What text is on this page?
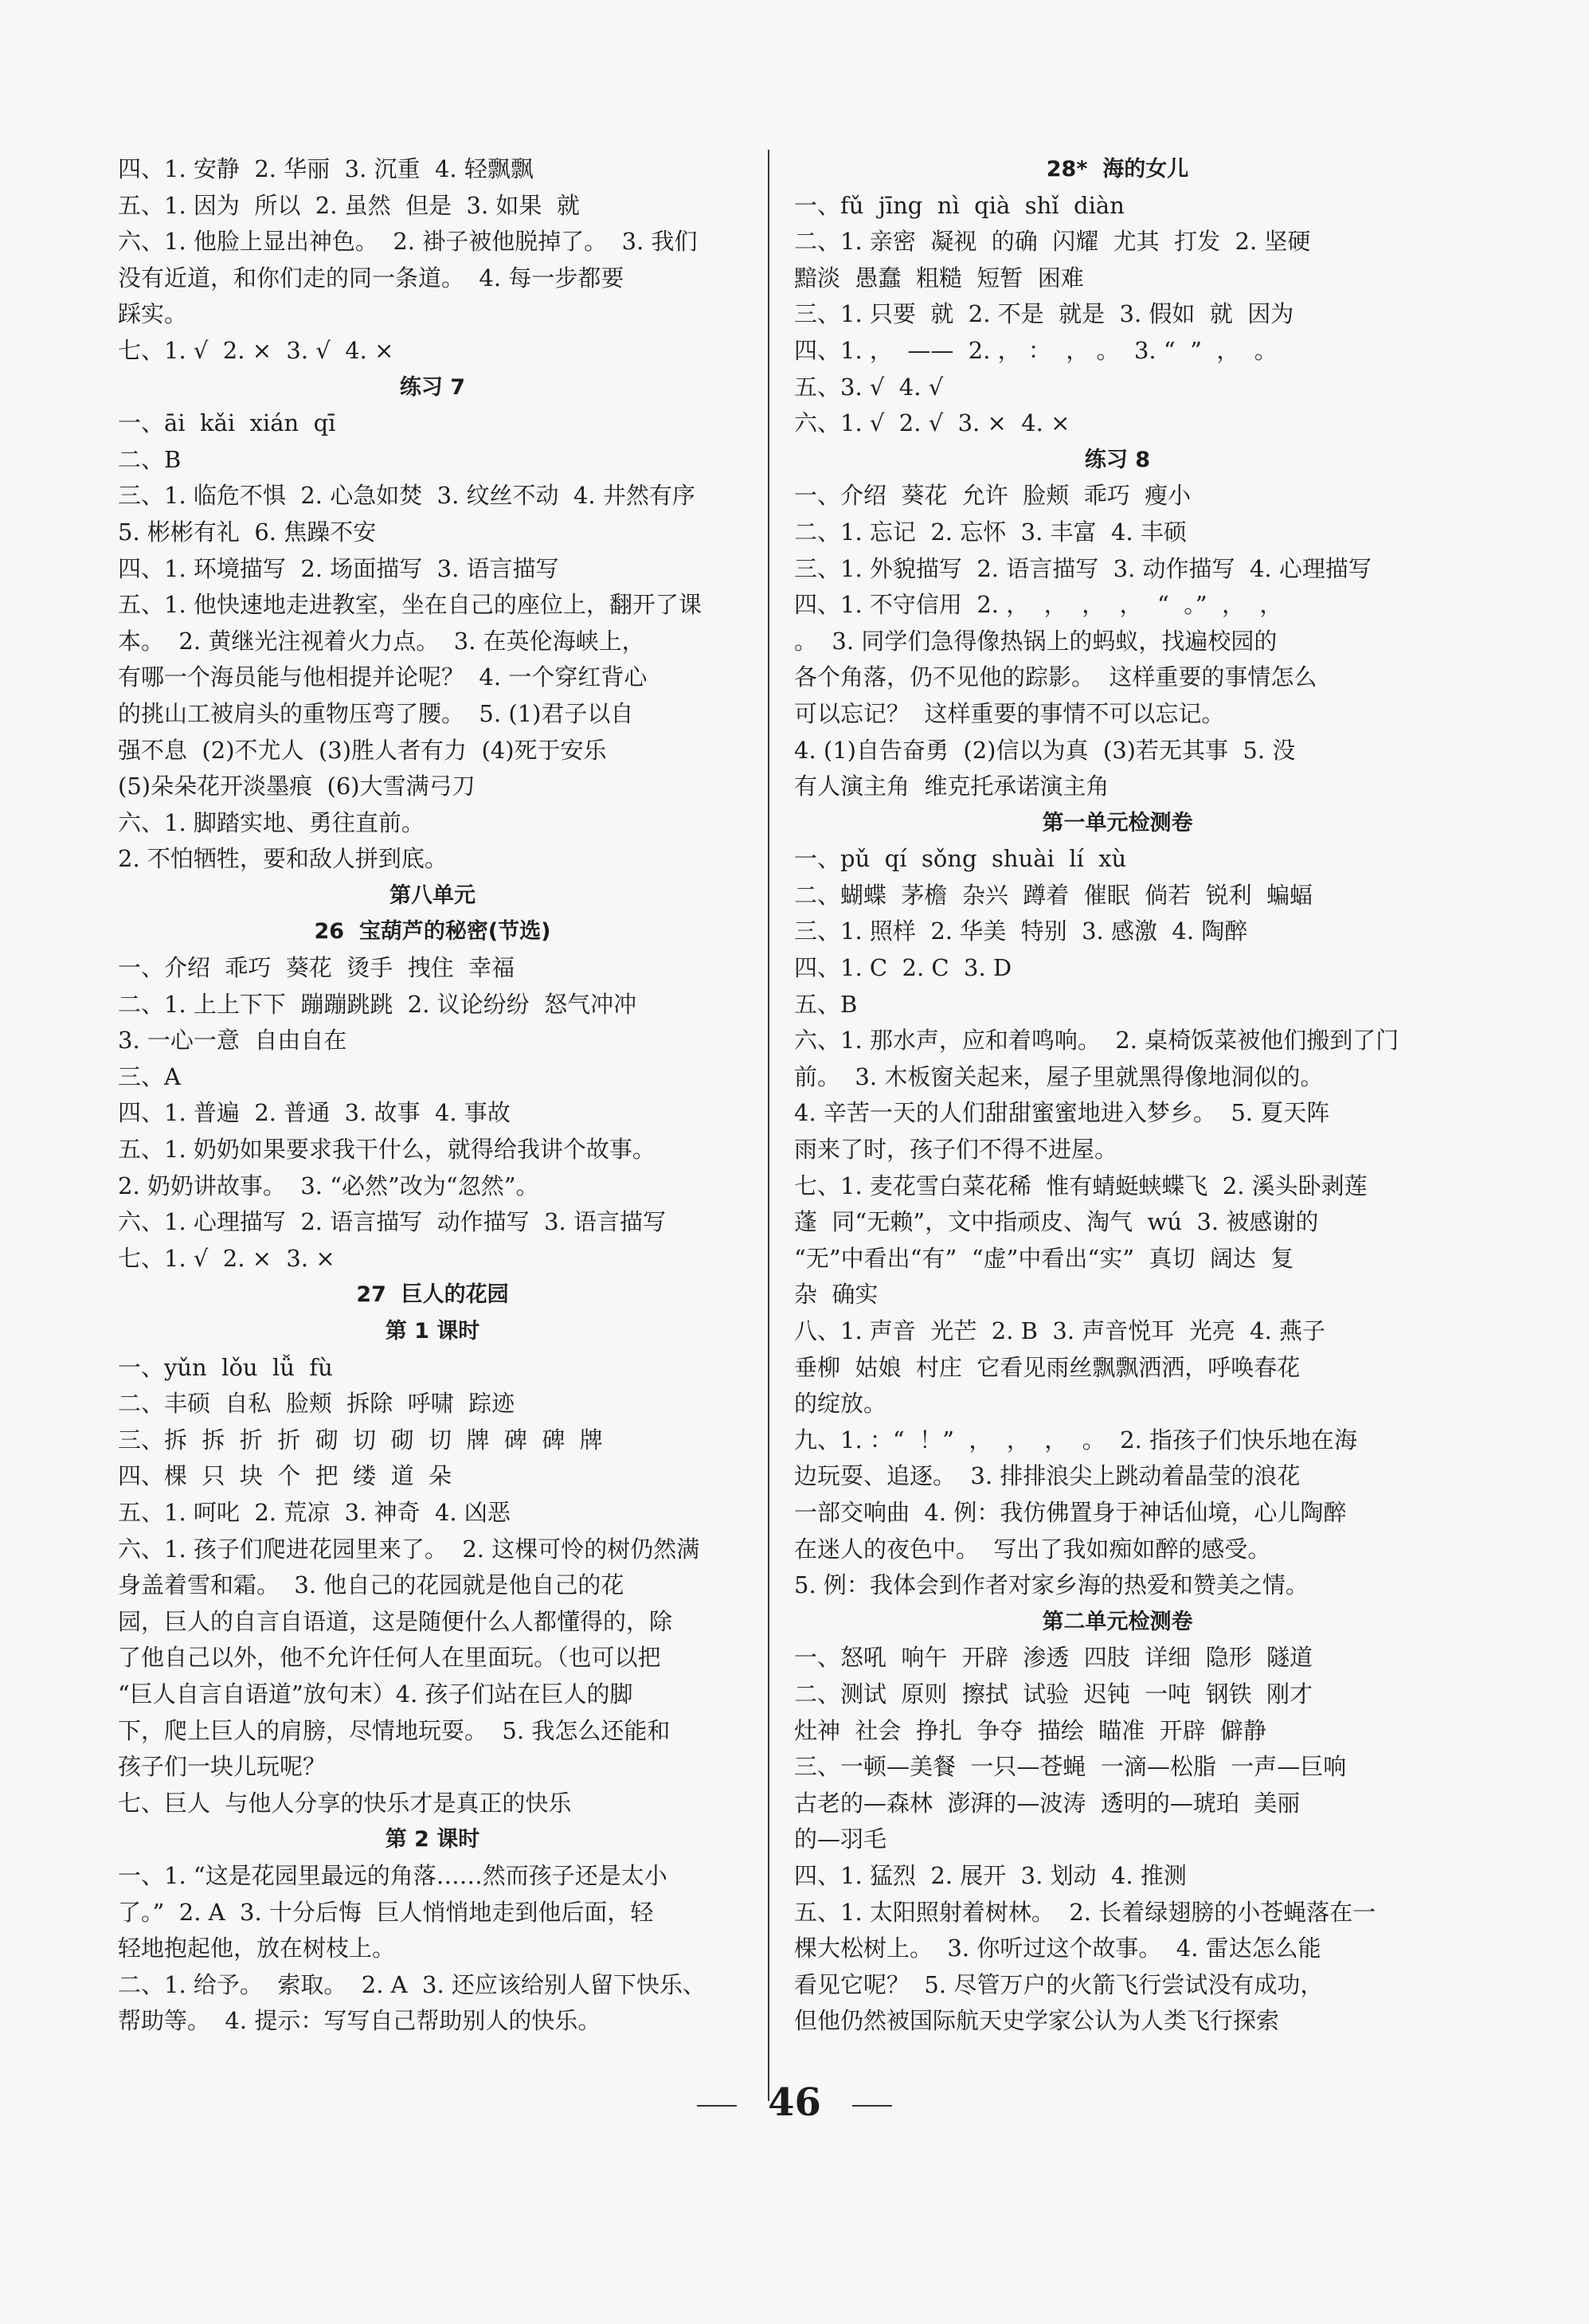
四、1. 安静  2. 华丽  3. 沉重  4. 轻飘飘
五、1. 因为  所以  2. 虽然  但是  3. 如果  就
六、1. 他脸上显出神色。  2. 褂子被他脱掉了。  3. 我们
没有近道，和你们走的同一条道。  4. 每一步都要
踩实。
七、1. √  2. ×  3. √  4. ×
练习 7
一、āi  kǎi  xián  qī
二、B
三、1. 临危不惧  2. 心急如焚  3. 纹丝不动  4. 井然有序
5. 彬彬有礼  6. 焦躁不安
四、1. 环境描写  2. 场面描写  3. 语言描写
五、1. 他快速地走进教室，坐在自己的座位上，翻开了课
本。  2. 黄继光注视着火力点。  3. 在英伦海峡上，
有哪一个海员能与他相提并论呢？  4. 一个穿红背心
的挑山工被肩头的重物压弯了腰。  5. (1)君子以自
强不息  (2)不尤人  (3)胜人者有力  (4)死于安乐
(5)朵朵花开淡墨痕  (6)大雪满弓刀
六、1. 脚踏实地、勇往直前。
2. 不怕牺牲，要和敌人拼到底。
第八单元
26  宝葫芦的秘密(节选)
一、介绍  乖巧  葵花  烫手  拽住  幸福
二、1. 上上下下  蹦蹦跳跳  2. 议论纷纷  怒气冲冲
3. 一心一意  自由自在
三、A
四、1. 普遍  2. 普通  3. 故事  4. 事故
五、1. 奶奶如果要求我干什么，就得给我讲个故事。
2. 奶奶讲故事。  3. “必然”改为“忽然”。
六、1. 心理描写  2. 语言描写  动作描写  3. 语言描写
七、1. √  2. ×  3. ×
27  巨人的花园
第 1 课时
一、yǔn  lǒu  lǚ  fù
二、丰硕  自私  脸颊  拆除  呼啸  踪迹
三、拆  拆  折  折  砌  切  砌  切  牌  碑  碑  牌
四、棵  只  块  个  把  缕  道  朵
五、1. 呵叱  2. 荒凉  3. 神奇  4. 凶恶
六、1. 孩子们爬进花园里来了。  2. 这棵可怜的树仍然满
身盖着雪和霜。  3. 他自己的花园就是他自己的花
园，巨人的自言自语道，这是随便什么人都懂得的，除
了他自己以外，他不允许任何人在里面玩。（也可以把
“巨人自言自语道”放句末）4. 孩子们站在巨人的脚
下，爬上巨人的肩膀，尽情地玩耍。  5. 我怎么还能和
孩子们一块儿玩呢？
七、巨人  与他人分享的快乐才是真正的快乐
第 2 课时
一、1. “这是花园里最远的角落……然而孩子还是太小
了。”  2. A  3. 十分后悔  巨人悄悄地走到他后面，轻
轻地抱起他，放在树枝上。
二、1. 给予。  索取。  2. A  3. 还应该给别人留下快乐、
帮助等。  4. 提示：写写自己帮助别人的快乐。
28*  海的女儿
一、fǔ  jīng  nì  qià  shǐ  diàn
二、1. 亲密  凝视  的确  闪耀  尤其  打发  2. 坚硬
黯淡  愚蠢  粗糙  短暂  困难
三、1. 只要  就  2. 不是  就是  3. 假如  就  因为
四、1. ，  ——  2. ， ：  ， 。  3. “  ”  ，  。
五、3. √  4. √
六、1. √  2. √  3. ×  4. ×
练习 8
一、介绍  葵花  允许  脸颊  乖巧  瘦小
二、1. 忘记  2. 忘怀  3. 丰富  4. 丰硕
三、1. 外貌描写  2. 语言描写  3. 动作描写  4. 心理描写
四、1. 不守信用  2. ，  ，  ，  ，  “  。”  ，  ，
。  3. 同学们急得像热锅上的蚂蚁，找遍校园的
各个角落，仍不见他的踪影。  这样重要的事情怎么
可以忘记？  这样重要的事情不可以忘记。
4. (1)自告奋勇  (2)信以为真  (3)若无其事  5. 没
有人演主角  维克托承诺演主角
第一单元检测卷
一、pǔ  qí  sǒng  shuài  lí  xù
二、蝴蝶  茅檐  杂兴  蹲着  催眠  倘若  锐利  蝙蝠
三、1. 照样  2. 华美  特别  3. 感激  4. 陶醉
四、1. C  2. C  3. D
五、B
六、1. 那水声，应和着鸣响。  2. 桌椅饭菜被他们搬到了门
前。  3. 木板窗关起来，屋子里就黑得像地洞似的。
4. 辛苦一天的人们甜甜蜜蜜地进入梦乡。  5. 夏天阵
雨来了时，孩子们不得不进屋。
七、1. 麦花雪白菜花稀  惟有蜻蜓蛱蝶飞  2. 溪头卧剥莲
蓬  同“无赖”，文中指顽皮、淘气  wú  3. 被感谢的
“无”中看出“有”  “虚”中看出“实”  真切  阔达  复
杂  确实
八、1. 声音  光芒  2. B  3. 声音悦耳  光亮  4. 燕子
垂柳  姑娘  村庄  它看见雨丝飘飘洒洒，呼唤春花
的绽放。
九、1. ：“  ！”  ，  ，  ，  。  2. 指孩子们快乐地在海
边玩耍、追逐。  3. 排排浪尖上跳动着晶莹的浪花
一部交响曲  4. 例：我仿佛置身于神话仙境，心儿陶醉
在迷人的夜色中。  写出了我如痴如醉的感受。
5. 例：我体会到作者对家乡海的热爱和赞美之情。
第二单元检测卷
一、怒吼  响午  开辟  渗透  四肢  详细  隐形  隧道
二、测试  原则  擦拭  试验  迟钝  一吨  钢铁  刚才
灶神  社会  挣扎  争夺  描绘  瞄准  开辟  僻静
三、一顿—美餐  一只—苍蝇  一滴—松脂  一声—巨响
古老的—森林  澎湃的—波涛  透明的—琥珀  美丽
的—羽毛
四、1. 猛烈  2. 展开  3. 划动  4. 推测
五、1. 太阳照射着树林。  2. 长着绿翅膀的小苍蝇落在一
棵大松树上。  3. 你听过这个故事。  4. 雷达怎么能
看见它呢？  5. 尽管万户的火箭飞行尝试没有成功，
但他仍然被国际航天史学家公认为人类飞行探索
46
